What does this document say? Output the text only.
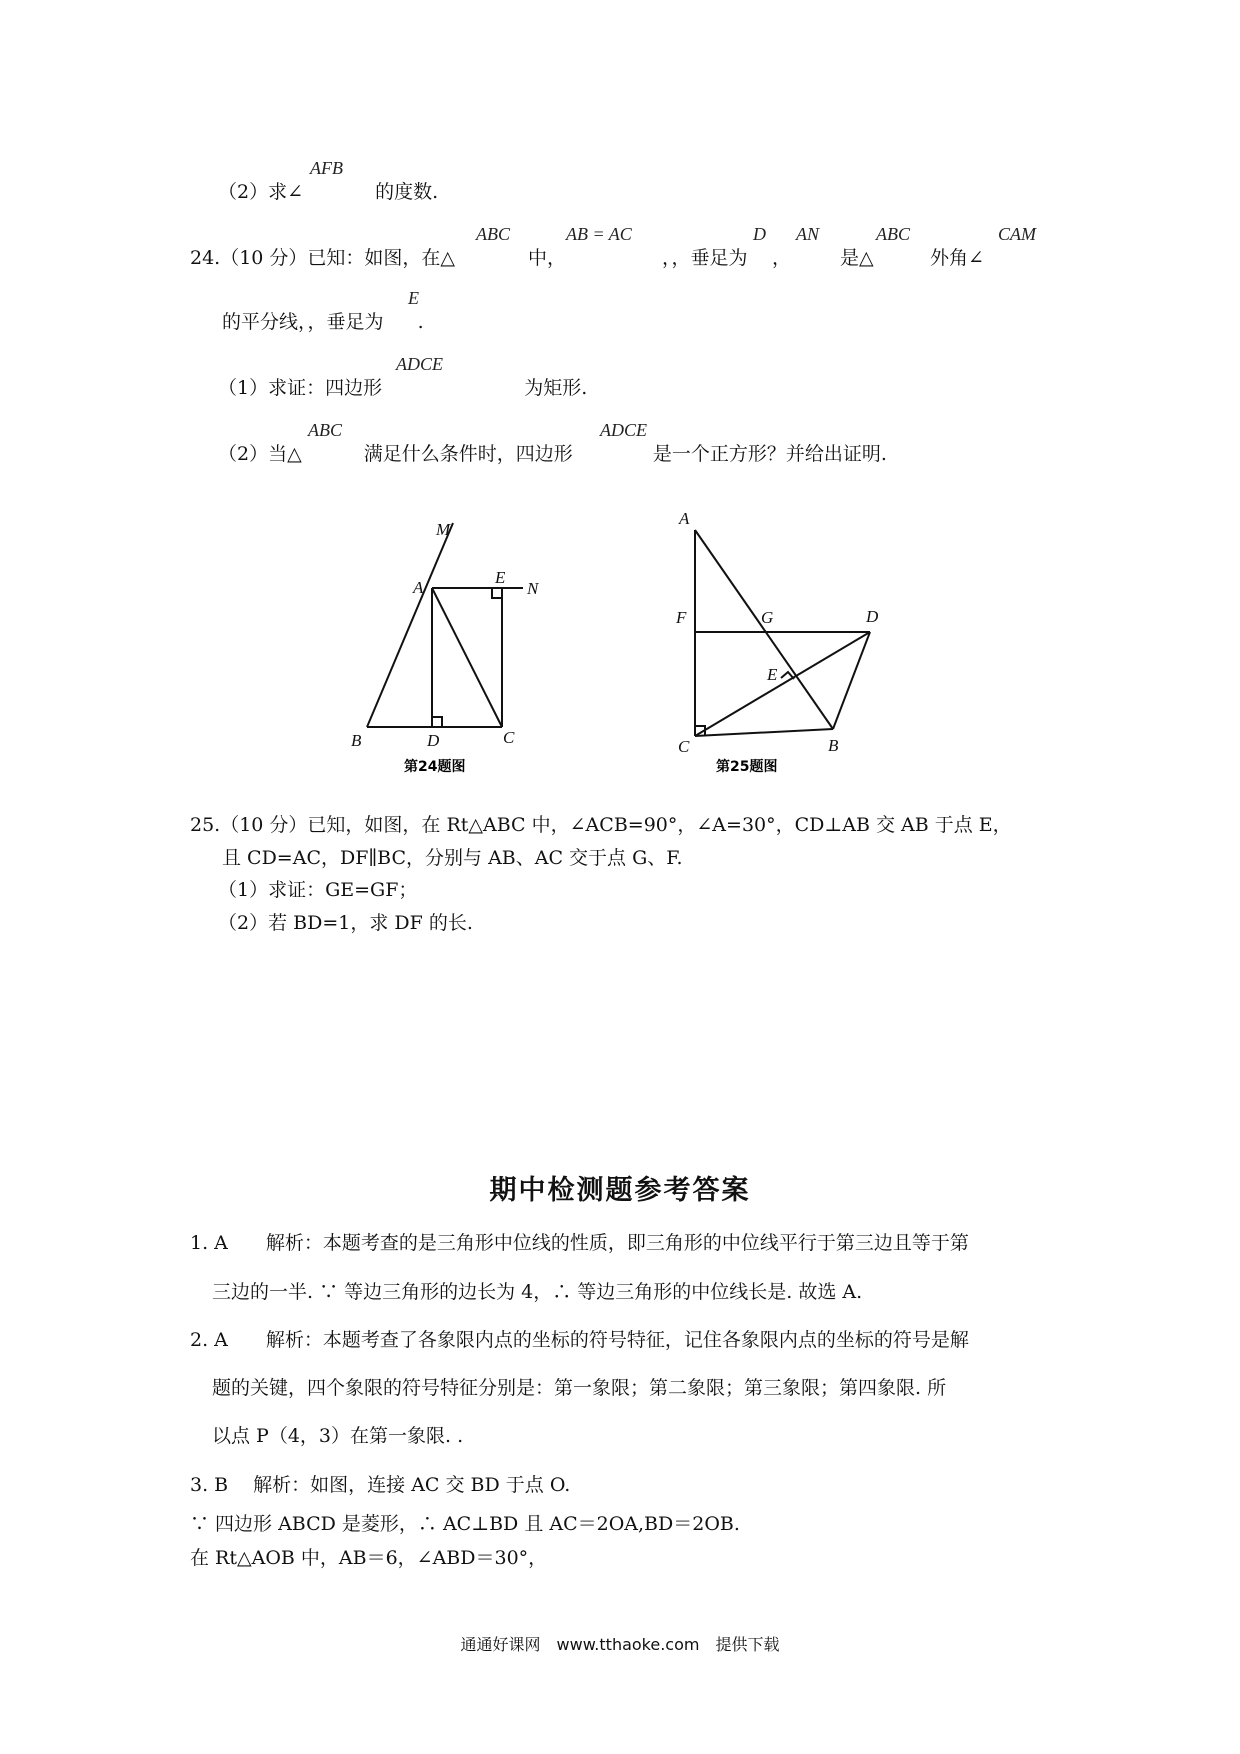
（2）求∠	的度数.
AFB
24.（10 分）已知：如图，在△
ABC
中，
AB = AC
，，垂足为
D
，
AN
是△
ABC
外角∠
CAM
的平分线，，垂足为 .
E
（1）求证：四边形	为矩形.
ADCE
（2）当△	满足什么条件时，四边形	是一个正方形？并给出证明.
ABC	ADCE
M
A
E
N
B	D	C
第24题图
A
F	G	D
E
C	B
第25题图
25.（10 分）已知，如图，在 Rt△ABC 中，∠ACB=90°，∠A=30°，CD⊥AB 交 AB 于点 E，
且 CD=AC，DF∥BC，分别与 AB、AC 交于点 G、F.
（1）求证：GE=GF；
（2）若 BD=1，求 DF 的长.
期中检测题参考答案
1. A　　解析：本题考查的是三角形中位线的性质，即三角形的中位线平行于第三边且等于第
三边的一半. ∵ 等边三角形的边长为 4，∴ 等边三角形的中位线长是. 故选 A.
2. A　　解析：本题考查了各象限内点的坐标的符号特征，记住各象限内点的坐标的符号是解
题的关键，四个象限的符号特征分别是：第一象限；第二象限；第三象限；第四象限. 所
以点 P（4，3）在第一象限. .
3. B　 解析：如图，连接 AC 交 BD 于点 O.
∵ 四边形 ABCD 是菱形，∴ AC⊥BD 且 AC＝2OA,BD＝2OB.
在 Rt△AOB 中，AB＝6，∠ABD＝30°，
通通好课网　www.tthaoke.com　提供下载
